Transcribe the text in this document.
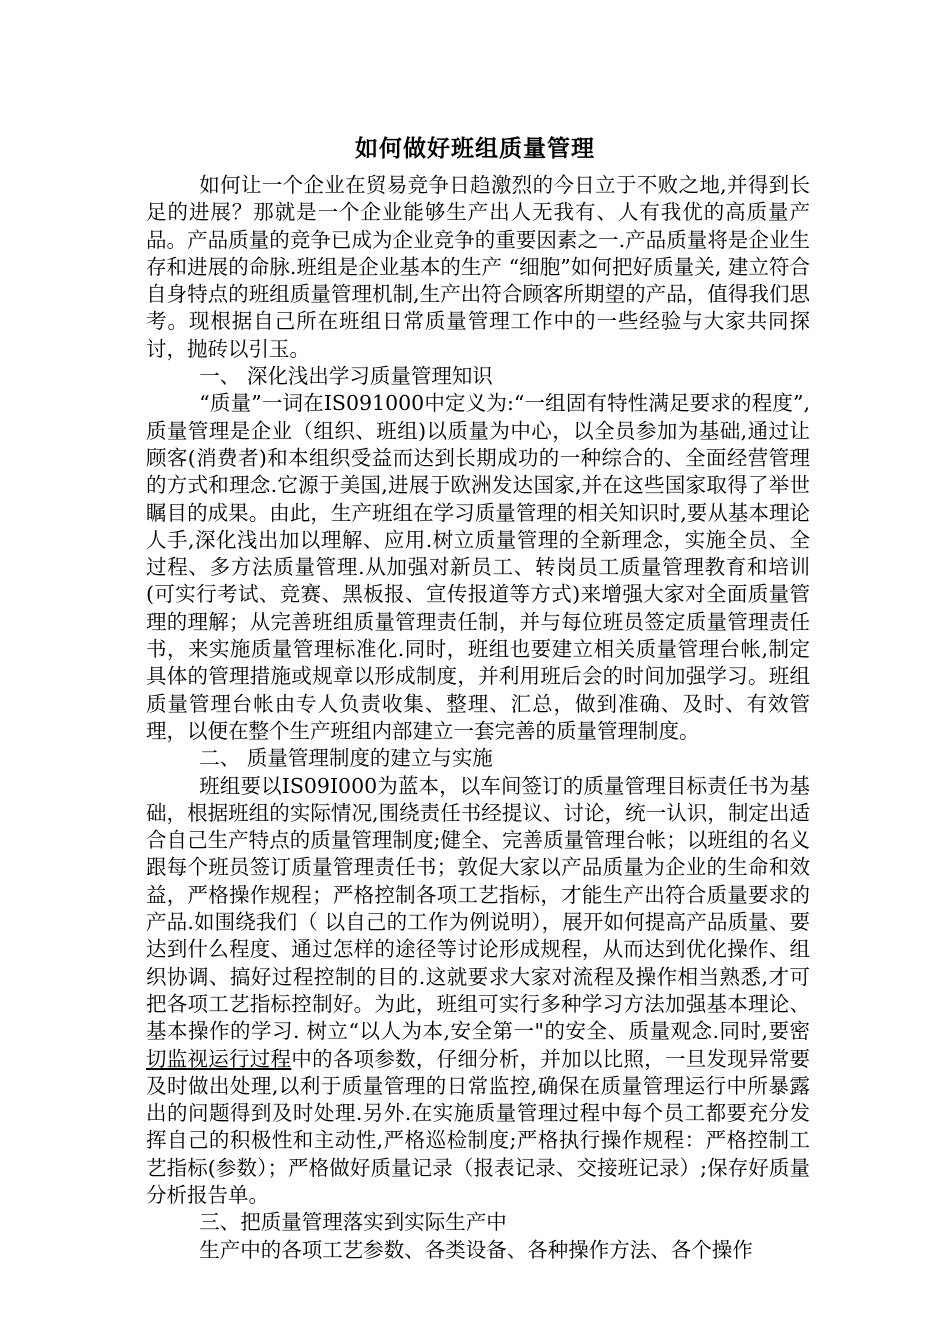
如何做好班组质量管理

如何让一个企业在贸易竞争日趋激烈的今日立于不败之地,并得到长足的进展？那就是一个企业能够生产出人无我有、人有我优的高质量产品。产品质量的竞争已成为企业竞争的重要因素之一.产品质量将是企业生存和进展的命脉.班组是企业基本的生产 “细胞”如何把好质量关, 建立符合自身特点的班组质量管理机制,生产出符合顾客所期望的产品，值得我们思考。现根据自己所在班组日常质量管理工作中的一些经验与大家共同探讨，抛砖以引玉。

一、 深化浅出学习质量管理知识

“质量”一词在IS091000中定义为:“一组固有特性满足要求的程度”,质量管理是企业（组织、班组)以质量为中心，以全员参加为基础,通过让顾客(消费者)和本组织受益而达到长期成功的一种综合的、全面经营管理的方式和理念.它源于美国,进展于欧洲发达国家,并在这些国家取得了举世瞩目的成果。由此，生产班组在学习质量管理的相关知识时,要从基本理论人手,深化浅出加以理解、应用.树立质量管理的全新理念，实施全员、全过程、多方法质量管理.从加强对新员工、转岗员工质量管理教育和培训(可实行考试、竞赛、黑板报、宣传报道等方式)来增强大家对全面质量管理的理解；从完善班组质量管理责任制，并与每位班员签定质量管理责任书，来实施质量管理标准化.同时，班组也要建立相关质量管理台帐,制定具体的管理措施或规章以形成制度，并利用班后会的时间加强学习。班组质量管理台帐由专人负责收集、整理、汇总，做到准确、及时、有效管理，以便在整个生产班组内部建立一套完善的质量管理制度。

二、 质量管理制度的建立与实施

班组要以IS09I000为蓝本，以车间签订的质量管理目标责任书为基础，根据班组的实际情况,围绕责任书经提议、讨论，统一认识，制定出适合自己生产特点的质量管理制度;健全、完善质量管理台帐；以班组的名义跟每个班员签订质量管理责任书；敦促大家以产品质量为企业的生命和效益，严格操作规程；严格控制各项工艺指标，才能生产出符合质量要求的产品.如围绕我们（ 以自己的工作为例说明），展开如何提高产品质量、要达到什么程度、通过怎样的途径等讨论形成规程，从而达到优化操作、组织协调、搞好过程控制的目的.这就要求大家对流程及操作相当熟悉,才可把各项工艺指标控制好。为此，班组可实行多种学习方法加强基本理论、基本操作的学习. 树立“以人为本,安全第一"的安全、质量观念.同时,要密切监视运行过程中的各项参数，仔细分析，并加以比照，一旦发现异常要及时做出处理,以利于质量管理的日常监控,确保在质量管理运行中所暴露出的问题得到及时处理.另外.在实施质量管理过程中每个员工都要充分发挥自己的积极性和主动性,严格巡检制度;严格执行操作规程：严格控制工艺指标(参数）；严格做好质量记录（报表记录、交接班记录）;保存好质量分析报告单。

三、把质量管理落实到实际生产中

生产中的各项工艺参数、各类设备、各种操作方法、各个操作
